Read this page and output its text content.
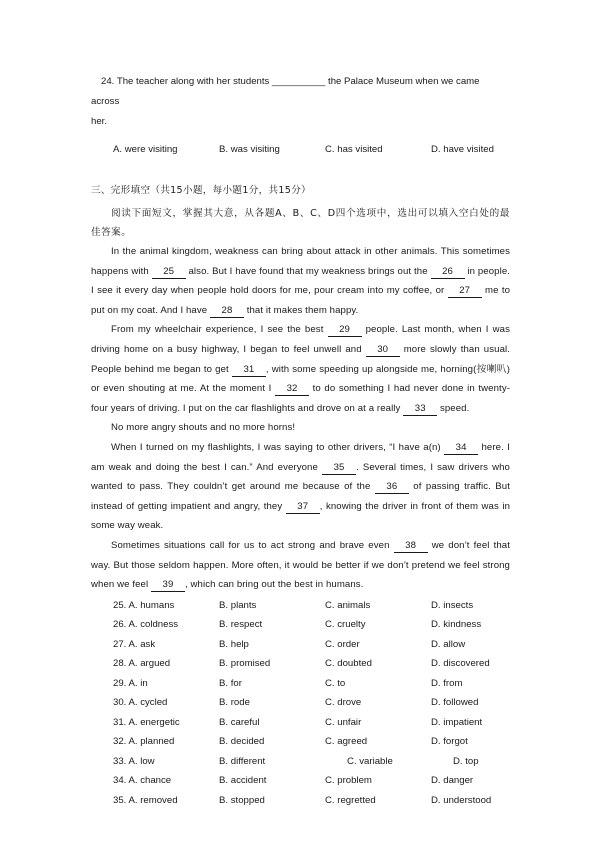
24. The teacher along with her students __________ the Palace Museum when we came across

her.

A. were visiting	B. was visiting	C. has visited	D. have visited
三、完形填空（共15小题，每小题1分，共15分）
阅读下面短文，掌握其大意，从各题A、B、C、D四个选项中，选出可以填入空白处的最佳答案。

In the animal kingdom, weakness can bring about attack in other animals. This sometimes happens with 25 also. But I have found that my weakness brings out the 26 in people. I see it every day when people hold doors for me, pour cream into my coffee, or 27 me to put on my coat. And I have 28 that it makes them happy.

From my wheelchair experience, I see the best 29 people. Last month, when I was driving home on a busy highway, I began to feel unwell and 30 more slowly than usual. People behind me began to get 31 , with some speeding up alongside me, horning(按喇叭) or even shouting at me. At the moment I 32 to do something I had never done in twenty-four years of driving. I put on the car flashlights and drove on at a really 33 speed.

No more angry shouts and no more horns!

When I turned on my flashlights, I was saying to other drivers, “I have a(n) 34 here. I am weak and doing the best I can.” And everyone 35 . Several times, I saw drivers who wanted to pass. They couldn’t get around me because of the 36 of passing traffic. But instead of getting impatient and angry, they 37 , knowing the driver in front of them was in some way weak.

Sometimes situations call for us to act strong and brave even 38 we don’t feel that way. But those seldom happen. More often, it would be better if we don’t pretend we feel strong when we feel 39 , which can bring out the best in humans.

25. A. humans	B. plants	C. animals	D. insects
26. A. coldness	B. respect	C. cruelty	D. kindness
27. A. ask	B. help	C. order	D. allow
28. A. argued	B. promised	C. doubted	D. discovered
29. A. in	B. for	C. to	D. from
30. A. cycled	B. rode	C. drove	D. followed
31. A. energetic	B. careful	C. unfair	D. impatient
32. A. planned	B. decided	C. agreed	D. forgot
33. A. low	B. different	C. variable	D. top
34. A. chance	B. accident	C. problem	D. danger
35. A. removed	B. stopped	C. regretted	D. understood
